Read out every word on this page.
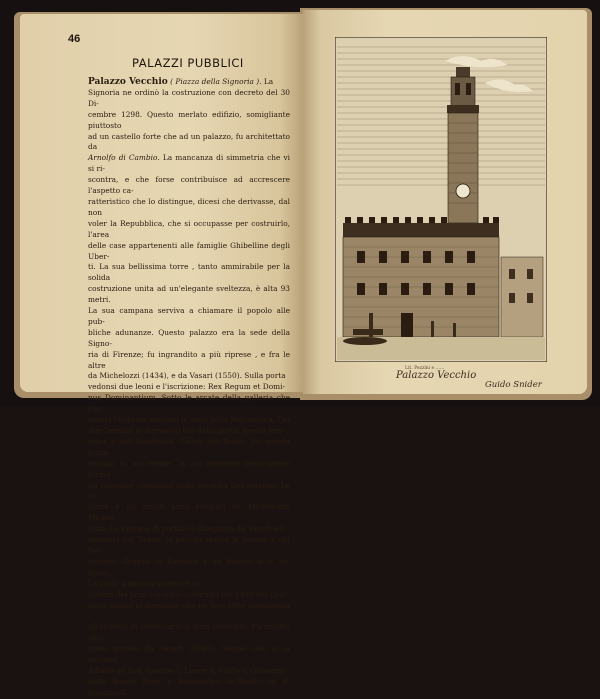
46
PALAZZI PUBBLICI

Palazzo Vecchio ( Piazza della Signoria ). La

Signoria ne ordinò la costruzione con decreto del 30 Di-

cembre 1298. Questo merlato edifizio, somigliante piuttosto

ad un castello forte che ad un palazzo, fu architettato da

Arnolfo di Cambio. La mancanza di simmetria che vi si ri-

scontra, e che forse contribuisce ad accrescere l'aspetto ca-

ratteristico che lo distingue, dicesi che derivasse, dal non

voler la Repubblica, che si occupasse per costruirlo, l'area

delle case appartenenti alle famiglie Ghibelline degli Uber-

ti. La sua bellissima torre , tanto ammirabile per la solida

costruzione unita ad un'elegante sveltezza, è alta 93 metri.

La sua campana serviva a chiamare il popolo alle pub-

bliche adunanze. Questo palazzo era la sede della Signo-

ria di Firenze; fu ingrandito a più riprese , e fra le altre

da Michelozzi (1434), e da Vasari (1550). Sulla porta

vedonsi due leoni e l'iscrizione: Rex Regum et Domi-

nus Dominantium. Sotto le arcate della galleria che cor-

monta l'edifizio, vedonsi le armi della Repubblica. Dei

due Termini in marmo ai lati della porta, quello fem-

mina è del Bandinelli, l'altro del Rossi. Da questa porta

entrasi in un cortile, la cui elegante decorazione forma

un rilevante contrasto colla severità dell'esterno. Le co-

lonne e gli ornati sono eseguiti da Michelozzo Michel-

lozzi. La fontana di porfido è disegnata da Vasari ed

eseguita dal Tadda; la piccola statua in bronzo è del Ver-

rocchio. Gruppo di Sansone e un filisteo di V. de' Rossi.

La scala a sinistra conduce al

Salone del gran consiglio costruito nel 1495 dal Cro-

naca, dietro le domande che ne fece fatte Savonarola ,

all'oggetto di convocarvi il gran consiglio. Fu ridotto all'o

stato attuale da Vasari (1540). Statue che vi si trovano :

Adamo ed Eva, Cosimo I, Leone X, Carlo V, Giovanni

delle Bande Nere e Alessandro de'Medici di B. Bandinelli.

Lit. Pezzini e ......
Palazzo Vecchio
Guido Snider
